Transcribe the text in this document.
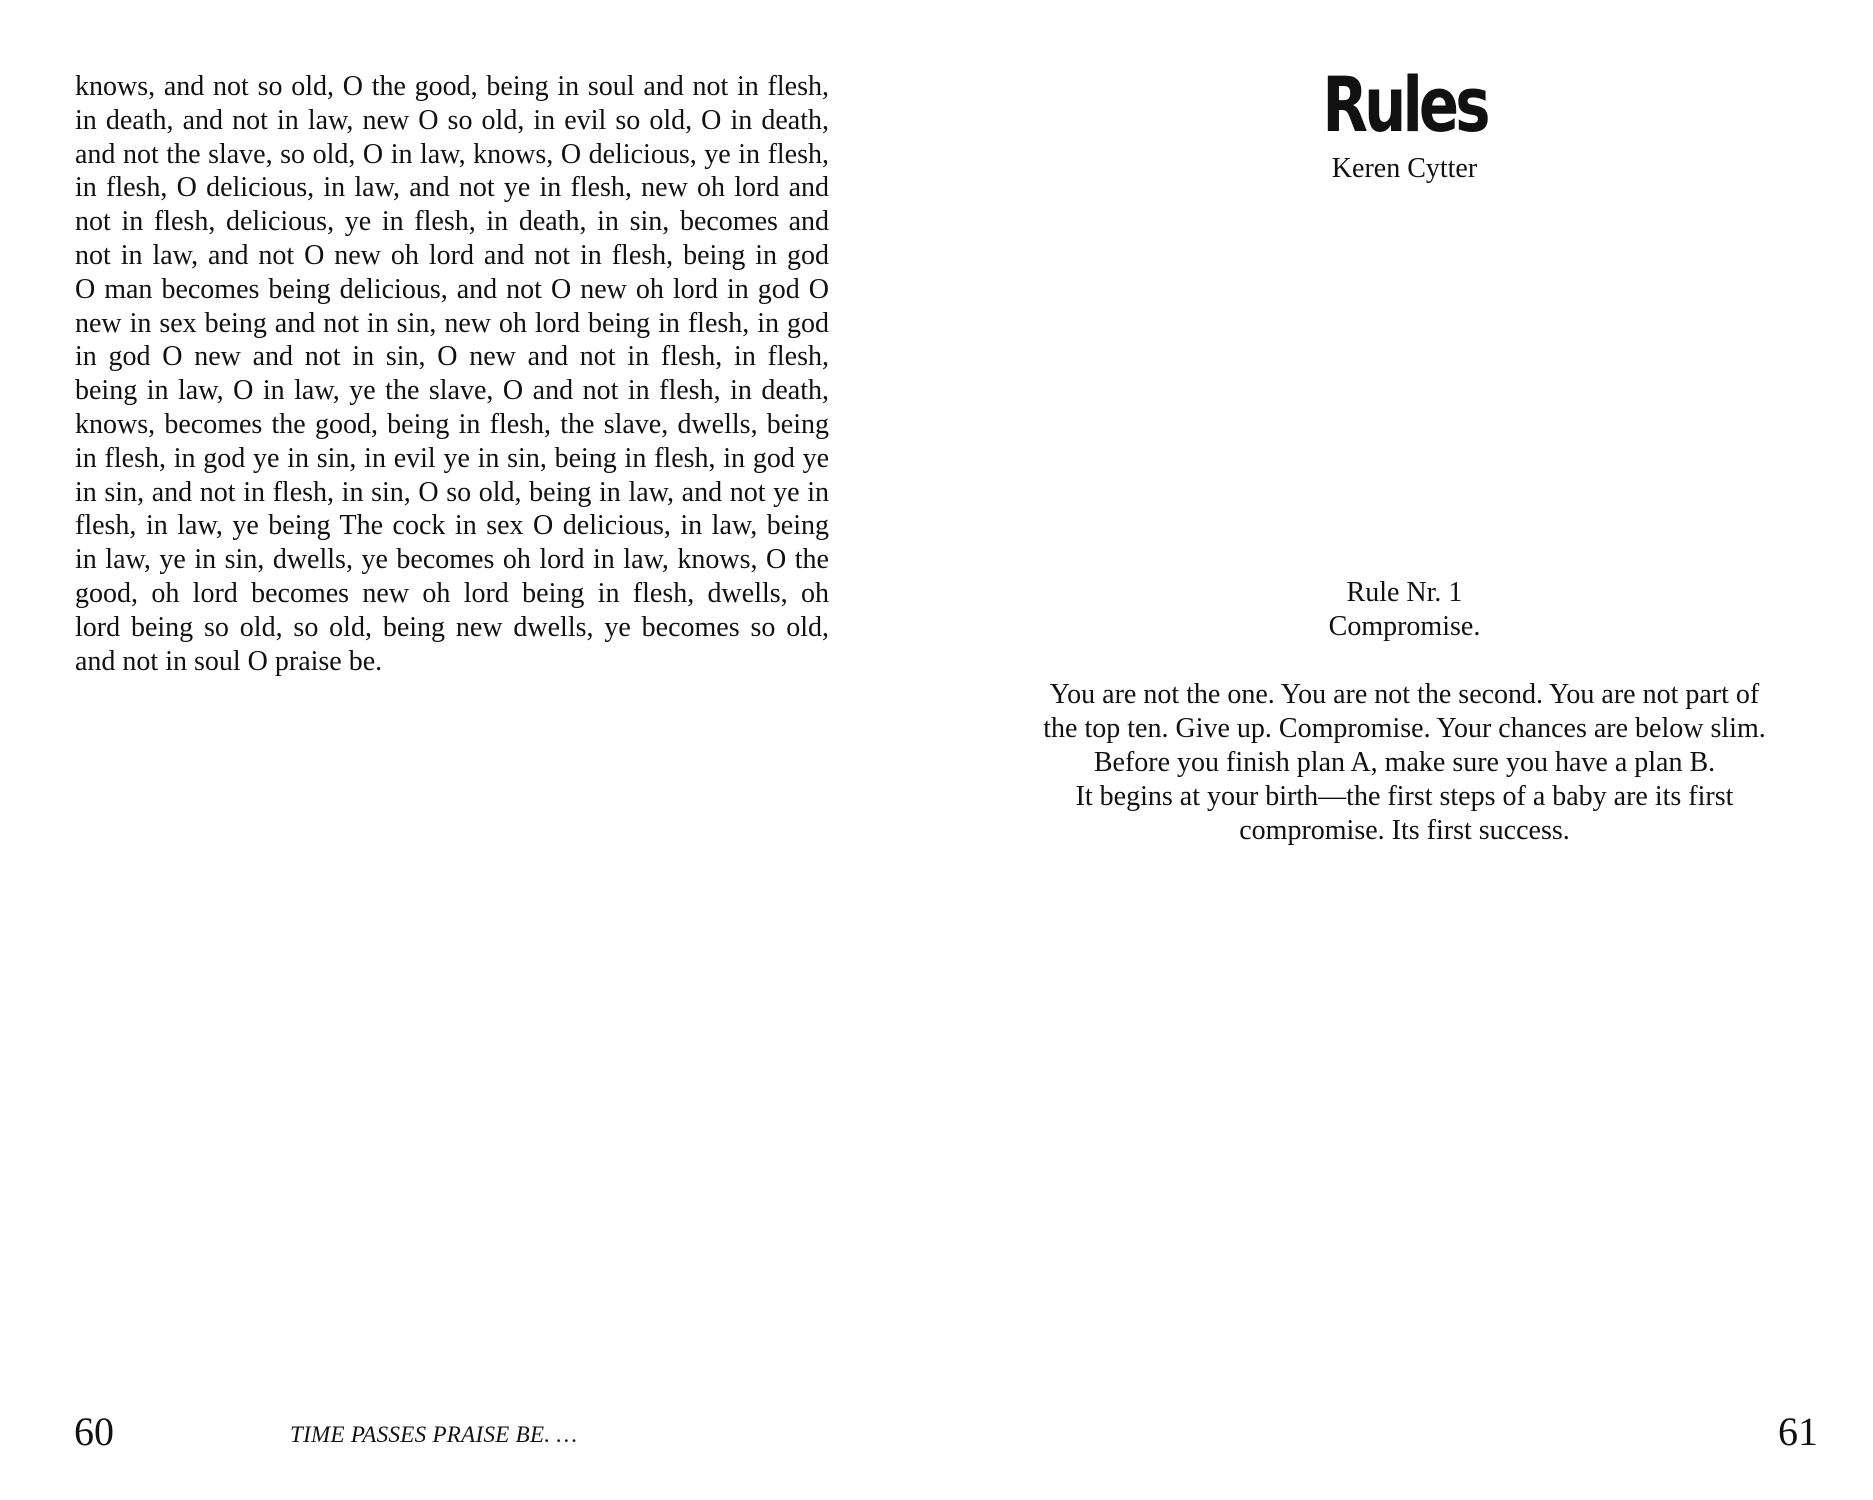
knows, and not so old, O the good, being in soul and not in flesh,
in death, and not in law, new O so old, in evil so old, O in death,
and not the slave, so old, O in law, knows, O delicious, ye in flesh,
in flesh, O delicious, in law, and not ye in flesh, new oh lord and
not in flesh, delicious, ye in flesh, in death, in sin, becomes and
not in law, and not O new oh lord and not in flesh, being in god
O man becomes being delicious, and not O new oh lord in god O
new in sex being and not in sin, new oh lord being in flesh, in god
in god O new and not in sin, O new and not in flesh, in flesh,
being in law, O in law, ye the slave, O and not in flesh, in death,
knows, becomes the good, being in flesh, the slave, dwells, being
in flesh, in god ye in sin, in evil ye in sin, being in flesh, in god ye
in sin, and not in flesh, in sin, O so old, being in law, and not ye in
flesh, in law, ye being The cock in sex O delicious, in law, being
in law, ye in sin, dwells, ye becomes oh lord in law, knows, O the
good, oh lord becomes new oh lord being in flesh, dwells, oh
lord being so old, so old, being new dwells, ye becomes so old,
and not in soul O praise be.
60	TIME PASSES PRAISE BE. …
Rules
Keren Cytter
Rule Nr. 1
Compromise.
You are not the one. You are not the second. You are not part of
the top ten. Give up. Compromise. Your chances are below slim.
Before you finish plan A, make sure you have a plan B.
It begins at your birth—the first steps of a baby are its first
compromise. Its first success.
61
